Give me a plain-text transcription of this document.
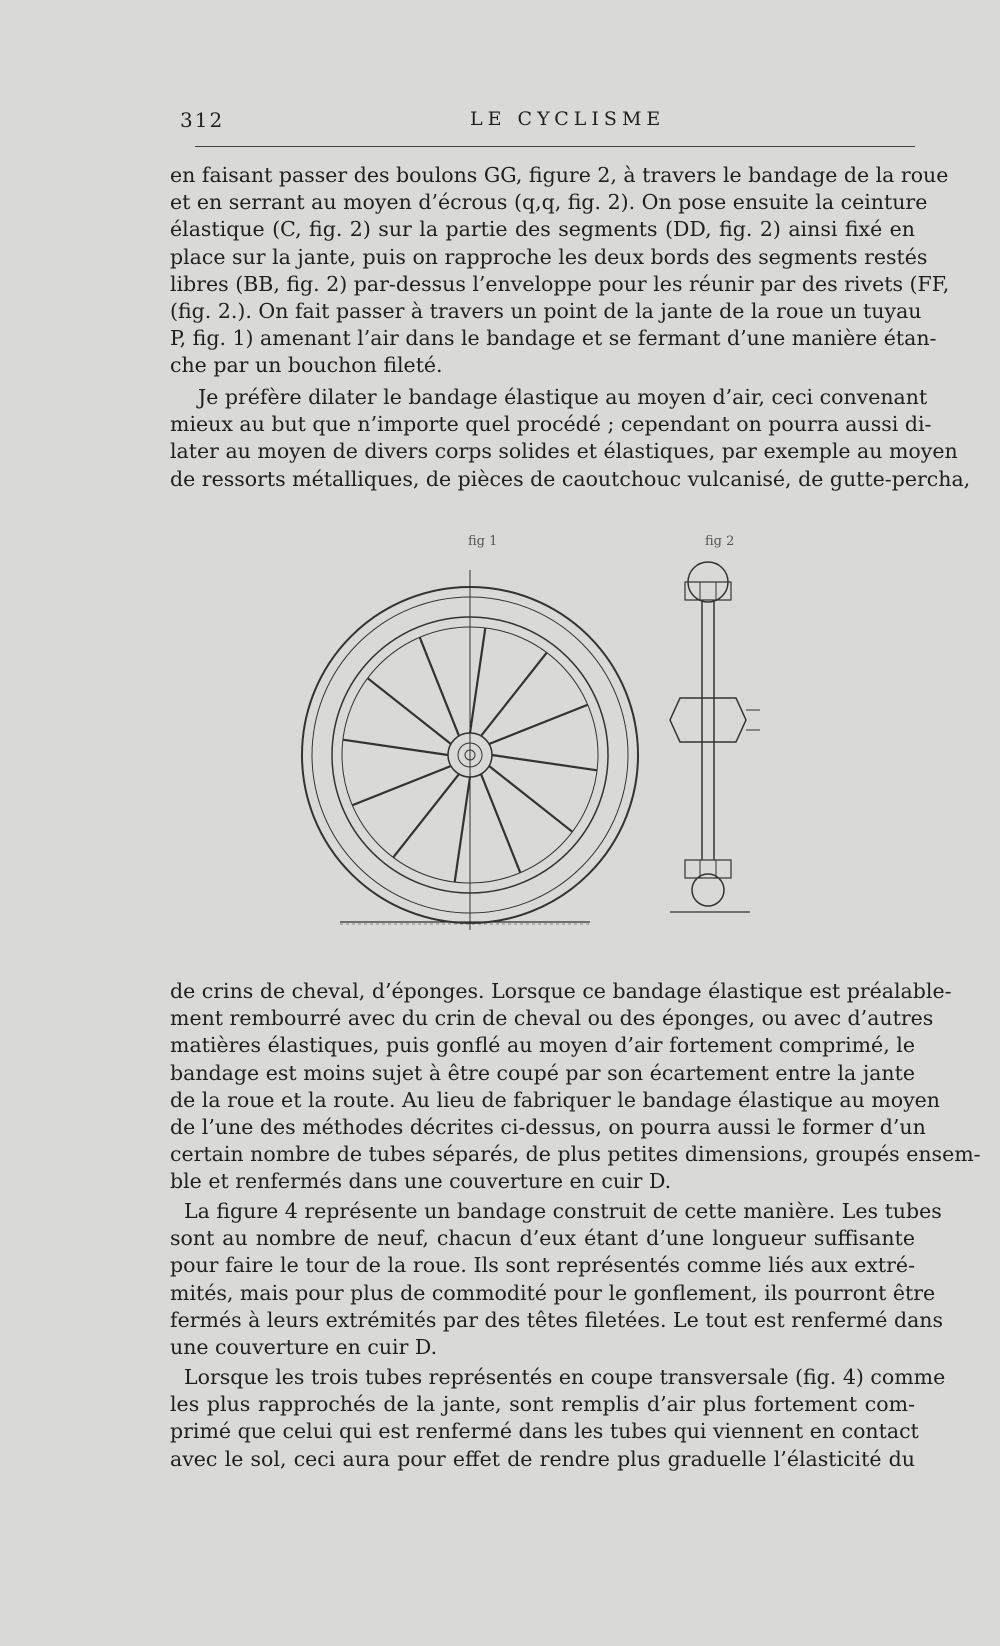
312	LE CYCLISME
en faisant passer des boulons GG, figure 2, à travers le bandage de la roue
et en serrant au moyen d’écrous (q,q, fig. 2). On pose ensuite la ceinture
élastique (C, fig. 2) sur la partie des segments (DD, fig. 2) ainsi fixé en
place sur la jante, puis on rapproche les deux bords des segments restés
libres (BB, fig. 2) par-dessus l’enveloppe pour les réunir par des rivets (FF,
(fig. 2.). On fait passer à travers un point de la jante de la roue un tuyau
P, fig. 1) amenant l’air dans le bandage et se fermant d’une manière étan-
che par un bouchon fileté.
Je préfère dilater le bandage élastique au moyen d’air, ceci convenant
mieux au but que n’importe quel procédé ; cependant on pourra aussi di-
later au moyen de divers corps solides et élastiques, par exemple au moyen
de ressorts métalliques, de pièces de caoutchouc vulcanisé, de gutte-percha,
fig 1	fig 2
de crins de cheval, d’éponges. Lorsque ce bandage élastique est préalable-
ment rembourré avec du crin de cheval ou des éponges, ou avec d’autres
matières élastiques, puis gonflé au moyen d’air fortement comprimé, le
bandage est moins sujet à être coupé par son écartement entre la jante
de la roue et la route. Au lieu de fabriquer le bandage élastique au moyen
de l’une des méthodes décrites ci-dessus, on pourra aussi le former d’un
certain nombre de tubes séparés, de plus petites dimensions, groupés ensem-
ble et renfermés dans une couverture en cuir D.
La figure 4 représente un bandage construit de cette manière. Les tubes
sont au nombre de neuf, chacun d’eux étant d’une longueur suffisante
pour faire le tour de la roue. Ils sont représentés comme liés aux extré-
mités, mais pour plus de commodité pour le gonflement, ils pourront être
fermés à leurs extrémités par des têtes filetées. Le tout est renfermé dans
une couverture en cuir D.
Lorsque les trois tubes représentés en coupe transversale (fig. 4) comme
les plus rapprochés de la jante, sont remplis d’air plus fortement com-
primé que celui qui est renfermé dans les tubes qui viennent en contact
avec le sol, ceci aura pour effet de rendre plus graduelle l’élasticité du
